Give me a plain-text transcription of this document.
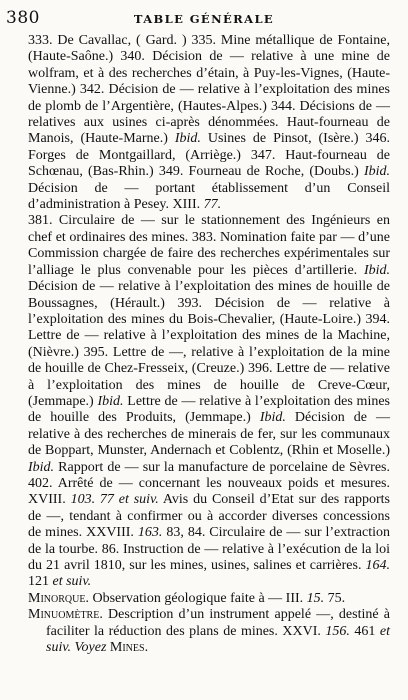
380	TABLE GÉNÉRALE

333. De Cavallac, ( Gard. ) 335. Mine métallique de Fontaine, (Haute-Saône.) 340. Décision de — relative à une mine de wolfram, et à des recherches d’étain, à Puy-les-Vignes, (Haute-Vienne.) 342. Décision de — relative à l’exploitation des mines de plomb de l’Argentière, (Hautes-Alpes.) 344. Décisions de — relatives aux usines ci-après dénommées. Haut-fourneau de Manois, (Haute-Marne.) Ibid. Usines de Pinsot, (Isère.) 346. Forges de Montgaillard, (Arriège.) 347. Haut-fourneau de Schœnau, (Bas-Rhin.) 349. Fourneau de Roche, (Doubs.) Ibid. Décision de — portant établissement d’un Conseil d’administration à Pesey. XIII. 77.

381. Circulaire de — sur le stationnement des Ingénieurs en chef et ordinaires des mines. 383. Nomination faite par — d’une Commission chargée de faire des recherches expérimentales sur l’alliage le plus convenable pour les pièces d’artillerie. Ibid. Décision de — relative à l’exploitation des mines de houille de Boussagnes, (Hérault.) 393. Décision de — relative à l’exploitation des mines du Bois-Chevalier, (Haute-Loire.) 394. Lettre de — relative à l’exploitation des mines de la Machine, (Nièvre.) 395. Lettre de —, relative à l’exploitation de la mine de houille de Chez-Fresseix, (Creuze.) 396. Lettre de — relative à l’exploitation des mines de houille de Creve-Cœur, (Jemmape.) Ibid. Lettre de — relative à l’exploitation des mines de houille des Produits, (Jemmape.) Ibid. Décision de — relative à des recherches de minerais de fer, sur les communaux de Boppart, Munster, Andernach et Coblentz, (Rhin et Moselle.) Ibid. Rapport de — sur la manufacture de porcelaine de Sèvres. 402. Arrêté de — concernant les nouveaux poids et mesures. XVIII. 103. 77 et suiv. Avis du Conseil d’Etat sur des rapports de —, tendant à confirmer ou à accorder diverses concessions de mines. XXVIII. 163. 83, 84. Circulaire de — sur l’extraction de la tourbe. 86. Instruction de — relative à l’exécution de la loi du 21 avril 1810, sur les mines, usines, salines et carrières. 164. 121 et suiv.

Minorque. Observation géologique faite à — III. 15. 75.

Minuomètre. Description d’un instrument appelé —, destiné à faciliter la réduction des plans de mines. XXVI. 156. 461 et suiv. Voyez Mines.
